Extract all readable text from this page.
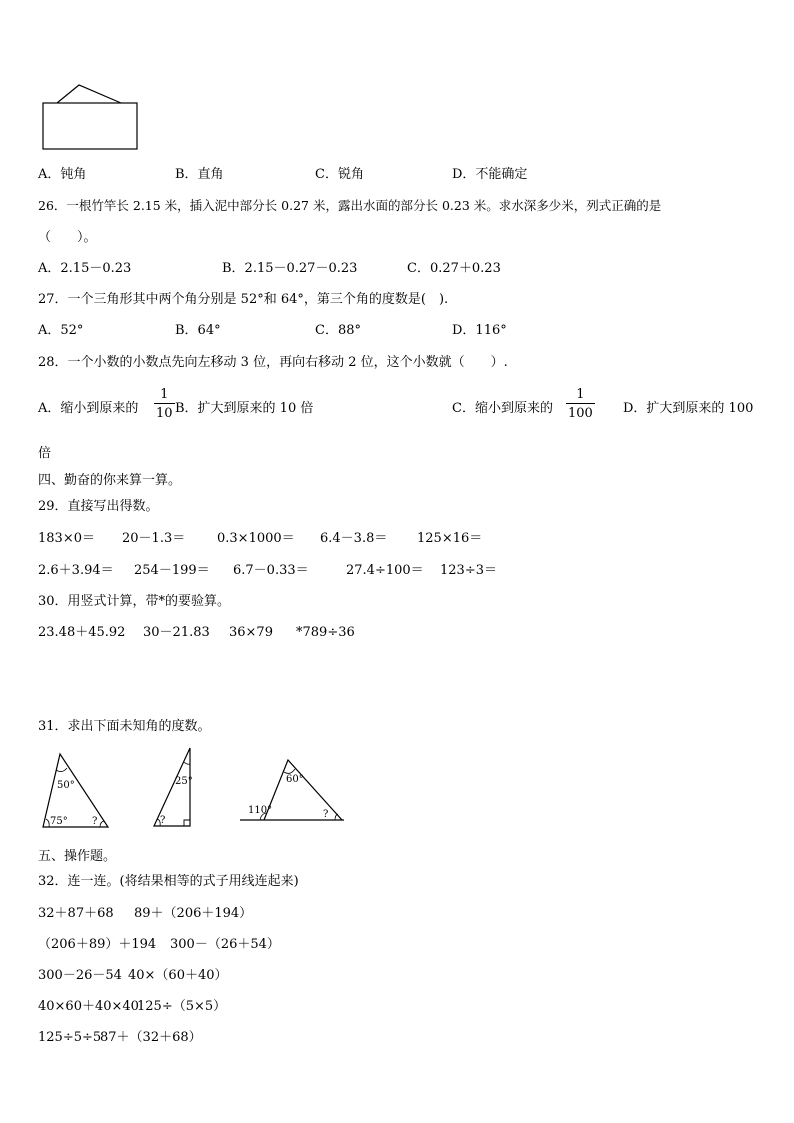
A．钝角	B．直角	C．锐角	D．不能确定
26．一根竹竿长 2.15 米，插入泥中部分长 0.27 米，露出水面的部分长 0.23 米。求水深多少米，列式正确的是
（　　）。
A．2.15－0.23	B．2.15－0.27－0.23	C．0.27＋0.23
27．一个三角形其中两个角分别是 52°和 64°，第三个角的度数是(　).
A．52°	B．64°	C．88°	D．116°
28．一个小数的小数点先向左移动 3 位，再向右移动 2 位，这个小数就（　　）.
A．缩小到原来的 $\frac{1}{10}$ B．扩大到原来的 10 倍	C．缩小到原来的 $\frac{1}{100}$ D．扩大到原来的 100
倍
四、勤奋的你来算一算。
29．直接写出得数。
183×0＝ 20－1.3＝ 0.3×1000＝ 6.4－3.8＝ 125×16＝
2.6＋3.94＝ 254－199＝ 6.7－0.33＝	27.4÷100＝ 123÷3＝
30．用竖式计算，带*的要验算。
23.48＋45.92 30－21.83 36×79 *789÷36
31．求出下面未知角的度数。
50°
75° ?
25°
?
60°
110°	?
五、操作题。
32．连一连。(将结果相等的式子用线连起来)
32＋87＋68 89＋（206＋194）
（206＋89）＋194 300－（26＋54）
300－26－54 40×（60＋40）
40×60＋40×40
125÷（5×5）
125÷5÷5
87＋（32＋68）
